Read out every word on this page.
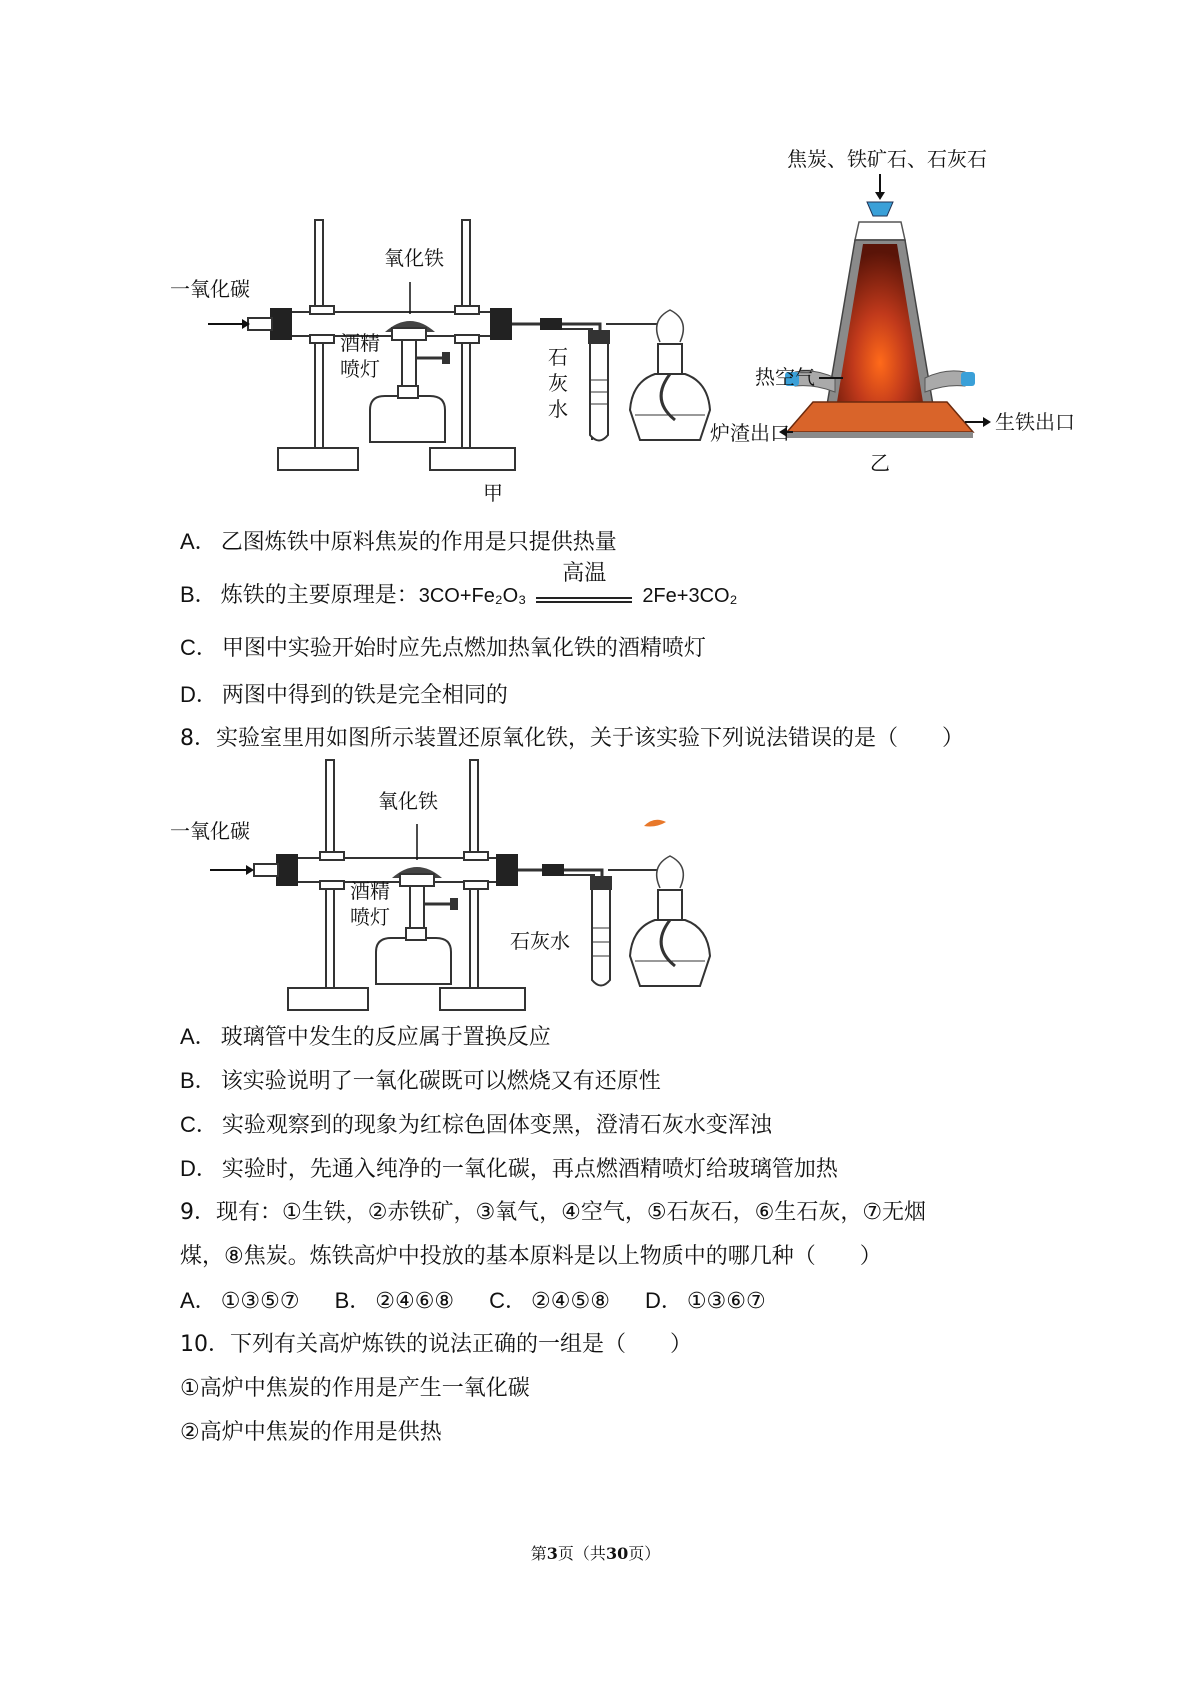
一氧化碳
氧化铁
酒精
喷灯	石
灰
水
甲
焦炭、铁矿石、石灰石
热空气
炉渣出口	生铁出口
乙
A． 乙图炼铁中原料焦炭的作用是只提供热量
B． 炼铁的主要原理是：3CO+Fe₂O₃
高温
2Fe+3CO₂
C． 甲图中实验开始时应先点燃加热氧化铁的酒精喷灯
D． 两图中得到的铁是完全相同的
8．实验室里用如图所示装置还原氧化铁，关于该实验下列说法错误的是（　　）
一氧化碳
氧化铁
酒精
喷灯
石灰水
A． 玻璃管中发生的反应属于置换反应
B． 该实验说明了一氧化碳既可以燃烧又有还原性
C． 实验观察到的现象为红棕色固体变黑，澄清石灰水变浑浊
D． 实验时，先通入纯净的一氧化碳，再点燃酒精喷灯给玻璃管加热
9．现有：①生铁，②赤铁矿，③氧气，④空气，⑤石灰石，⑥生石灰，⑦无烟
煤，⑧焦炭。炼铁高炉中投放的基本原料是以上物质中的哪几种（　　）
A． ①③⑤⑦ B． ②④⑥⑧ C． ②④⑤⑧ D． ①③⑥⑦
10．下列有关高炉炼铁的说法正确的一组是（　　）
①高炉中焦炭的作用是产生一氧化碳
②高炉中焦炭的作用是供热
第3页（共30页）
